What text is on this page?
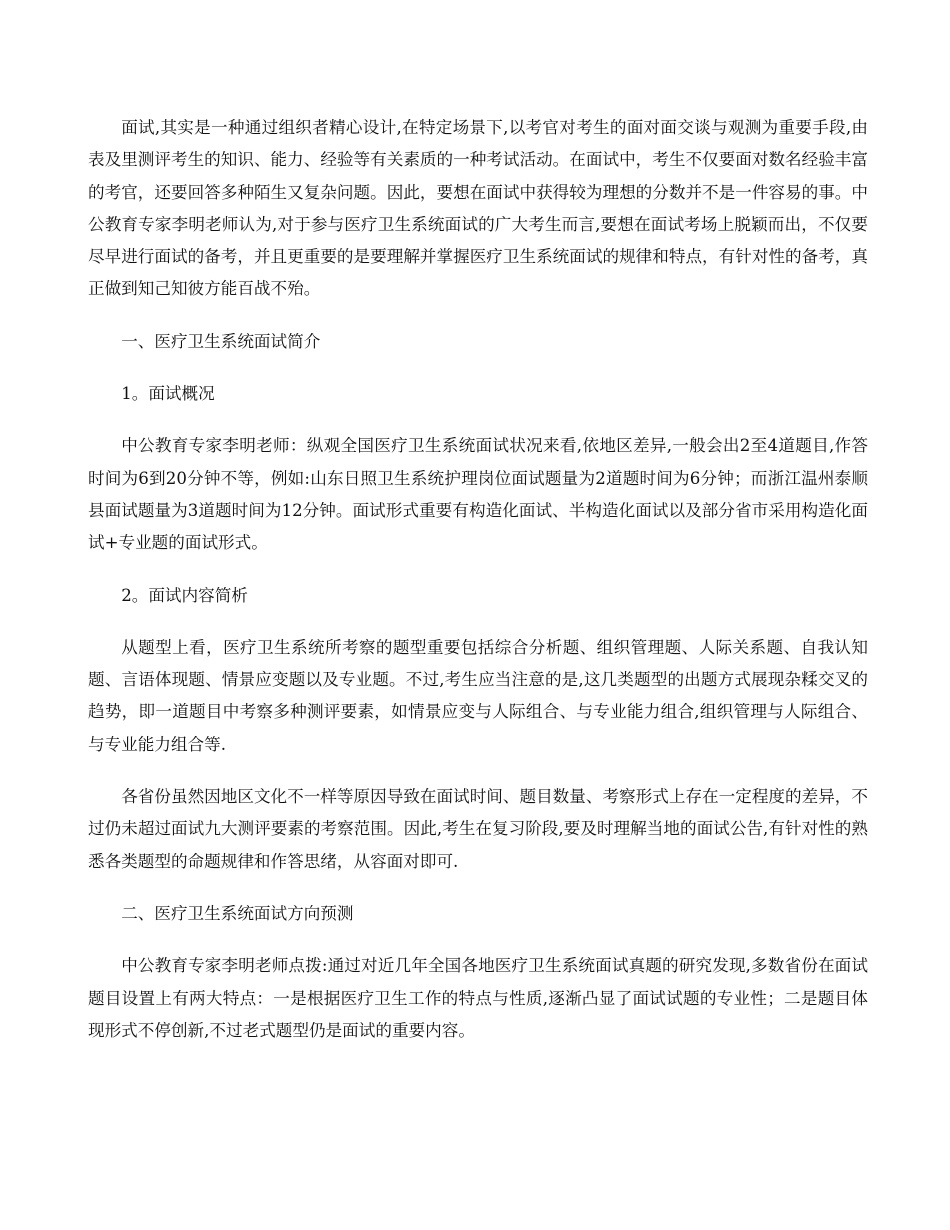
面试,其实是一种通过组织者精心设计,在特定场景下,以考官对考生的面对面交谈与观测为重要手段,由表及里测评考生的知识、能力、经验等有关素质的一种考试活动。在面试中，考生不仅要面对数名经验丰富的考官，还要回答多种陌生又复杂问题。因此，要想在面试中获得较为理想的分数并不是一件容易的事。中公教育专家李明老师认为,对于参与医疗卫生系统面试的广大考生而言,要想在面试考场上脱颖而出，不仅要尽早进行面试的备考，并且更重要的是要理解并掌握医疗卫生系统面试的规律和特点，有针对性的备考，真正做到知己知彼方能百战不殆。

一、医疗卫生系统面试简介

1。面试概况

中公教育专家李明老师：纵观全国医疗卫生系统面试状况来看,依地区差异,一般会出2至4道题目,作答时间为6到20分钟不等，例如:山东日照卫生系统护理岗位面试题量为2道题时间为6分钟；而浙江温州泰顺县面试题量为3道题时间为12分钟。面试形式重要有构造化面试、半构造化面试以及部分省市采用构造化面试+专业题的面试形式。

2。面试内容简析

从题型上看，医疗卫生系统所考察的题型重要包括综合分析题、组织管理题、人际关系题、自我认知题、言语体现题、情景应变题以及专业题。不过,考生应当注意的是,这几类题型的出题方式展现杂糅交叉的趋势，即一道题目中考察多种测评要素，如情景应变与人际组合、与专业能力组合,组织管理与人际组合、与专业能力组合等.

各省份虽然因地区文化不一样等原因导致在面试时间、题目数量、考察形式上存在一定程度的差异，不过仍未超过面试九大测评要素的考察范围。因此,考生在复习阶段,要及时理解当地的面试公告,有针对性的熟悉各类题型的命题规律和作答思绪，从容面对即可.

二、医疗卫生系统面试方向预测

中公教育专家李明老师点拨:通过对近几年全国各地医疗卫生系统面试真题的研究发现,多数省份在面试题目设置上有两大特点：一是根据医疗卫生工作的特点与性质,逐渐凸显了面试试题的专业性；二是题目体现形式不停创新,不过老式题型仍是面试的重要内容。
